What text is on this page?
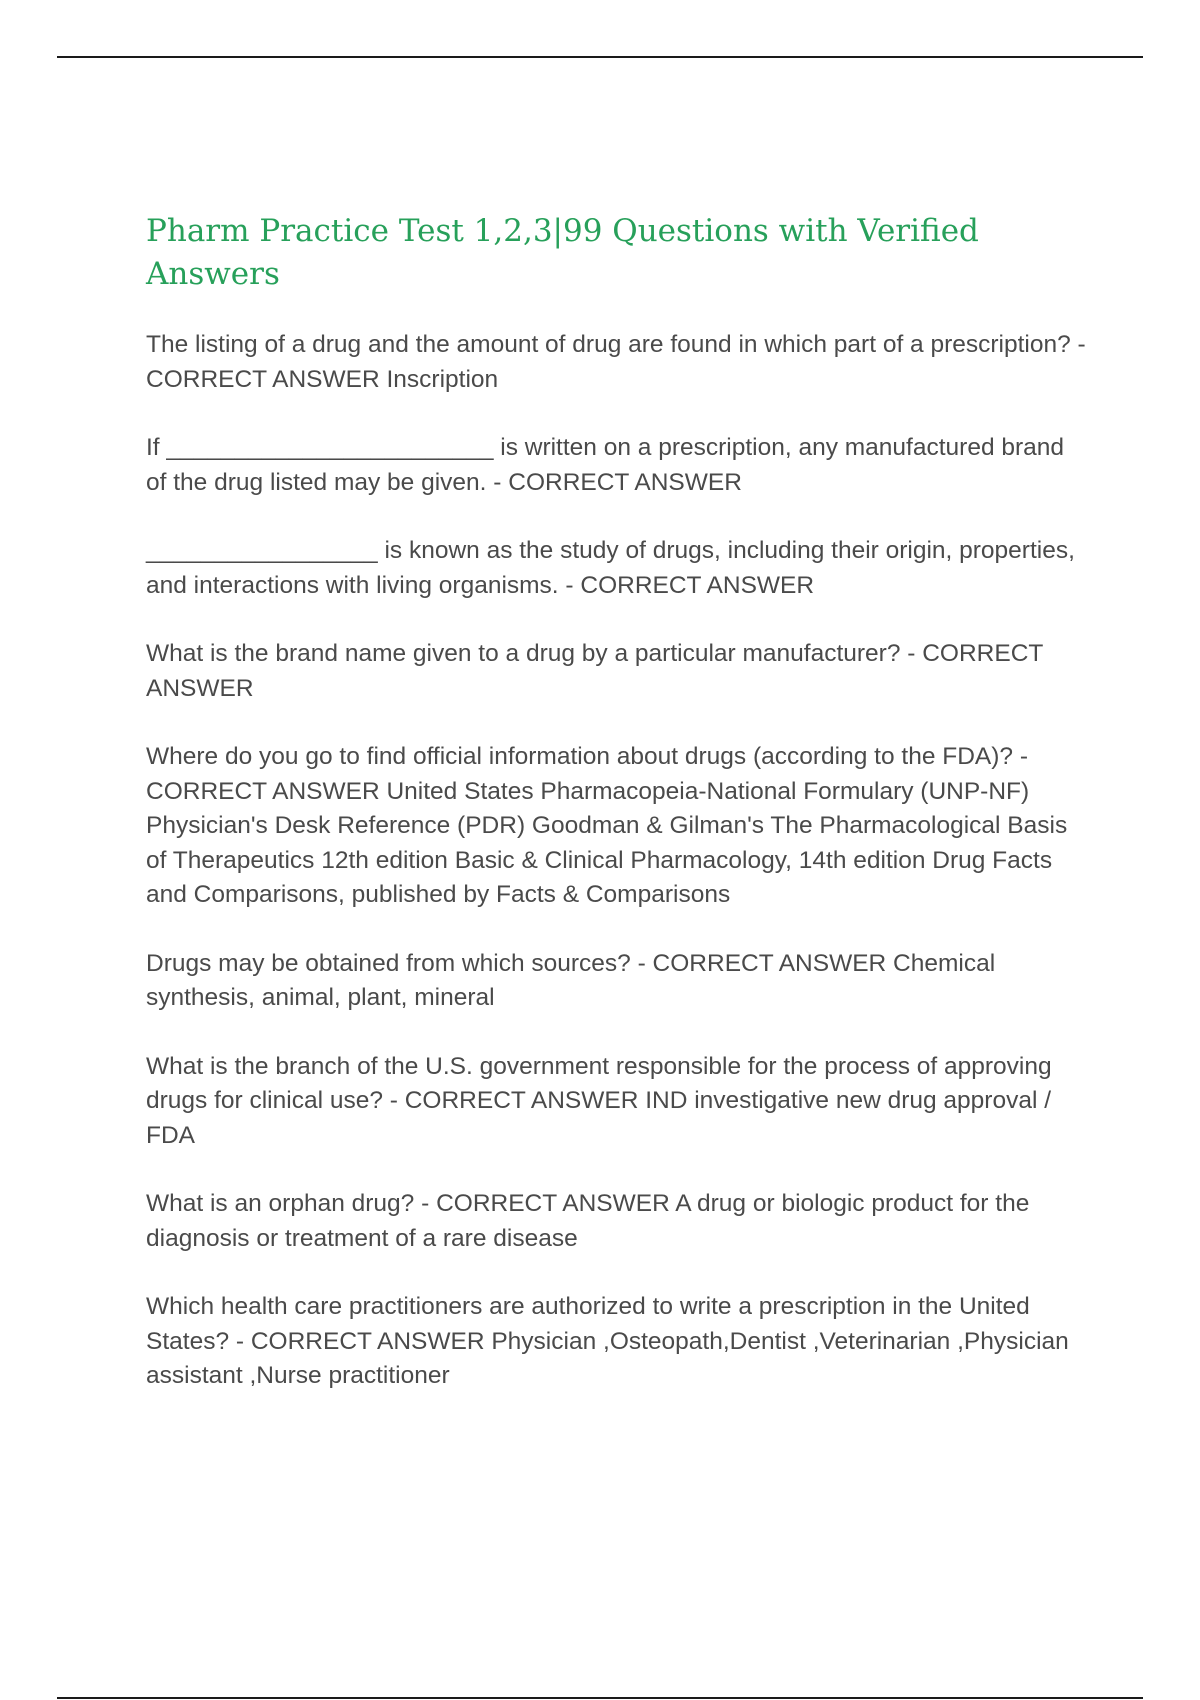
Pharm Practice Test 1,2,3|99 Questions with Verified Answers

The listing of a drug and the amount of drug are found in which part of a prescription? - CORRECT ANSWER Inscription

If ________________________ is written on a prescription, any manufactured brand of the drug listed may be given. - CORRECT ANSWER

_________________ is known as the study of drugs, including their origin, properties, and interactions with living organisms. - CORRECT ANSWER

What is the brand name given to a drug by a particular manufacturer? - CORRECT ANSWER

Where do you go to find official information about drugs (according to the FDA)? - CORRECT ANSWER United States Pharmacopeia-National Formulary (UNP-NF) Physician's Desk Reference (PDR) Goodman & Gilman's The Pharmacological Basis of Therapeutics 12th edition Basic & Clinical Pharmacology, 14th edition Drug Facts and Comparisons, published by Facts & Comparisons

Drugs may be obtained from which sources? - CORRECT ANSWER Chemical synthesis, animal, plant, mineral

What is the branch of the U.S. government responsible for the process of approving drugs for clinical use? - CORRECT ANSWER IND investigative new drug approval / FDA

What is an orphan drug? - CORRECT ANSWER A drug or biologic product for the diagnosis or treatment of a rare disease

Which health care practitioners are authorized to write a prescription in the United States? - CORRECT ANSWER Physician ,Osteopath,Dentist ,Veterinarian ,Physician assistant ,Nurse practitioner
